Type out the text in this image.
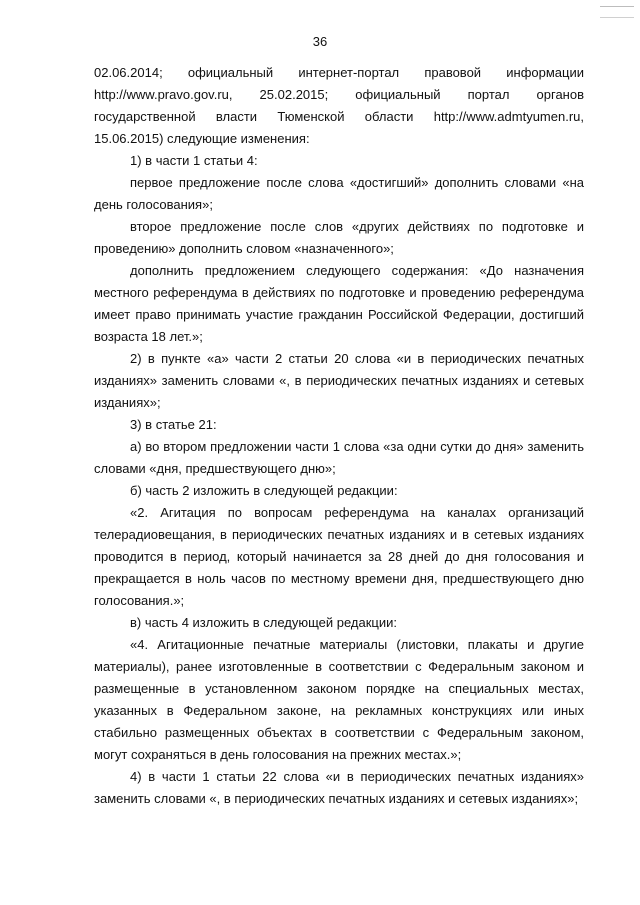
36

02.06.2014; официальный интернет-портал правовой информации http://www.pravo.gov.ru, 25.02.2015; официальный портал органов государственной власти Тюменской области http://www.admtyumen.ru, 15.06.2015) следующие изменения:

1) в части 1 статьи 4:

первое предложение после слова «достигший» дополнить словами «на день голосования»;

второе предложение после слов «других действиях по подготовке и проведению» дополнить словом «назначенного»;

дополнить предложением следующего содержания: «До назначения местного референдума в действиях по подготовке и проведению референдума имеет право принимать участие гражданин Российской Федерации, достигший возраста 18 лет.»;

2) в пункте «а» части 2 статьи 20 слова «и в периодических печатных изданиях» заменить словами «, в периодических печатных изданиях и сетевых изданиях»;

3) в статье 21:

а) во втором предложении части 1 слова «за одни сутки до дня» заменить словами «дня, предшествующего дню»;

б) часть 2 изложить в следующей редакции:

«2. Агитация по вопросам референдума на каналах организаций телерадиовещания, в периодических печатных изданиях и в сетевых изданиях проводится в период, который начинается за 28 дней до дня голосования и прекращается в ноль часов по местному времени дня, предшествующего дню голосования.»;

в) часть 4 изложить в следующей редакции:

«4. Агитационные печатные материалы (листовки, плакаты и другие материалы), ранее изготовленные в соответствии с Федеральным законом и размещенные в установленном законом порядке на специальных местах, указанных в Федеральном законе, на рекламных конструкциях или иных стабильно размещенных объектах в соответствии с Федеральным законом, могут сохраняться в день голосования на прежних местах.»;

4) в части 1 статьи 22 слова «и в периодических печатных изданиях» заменить словами «, в периодических печатных изданиях и сетевых изданиях»;
